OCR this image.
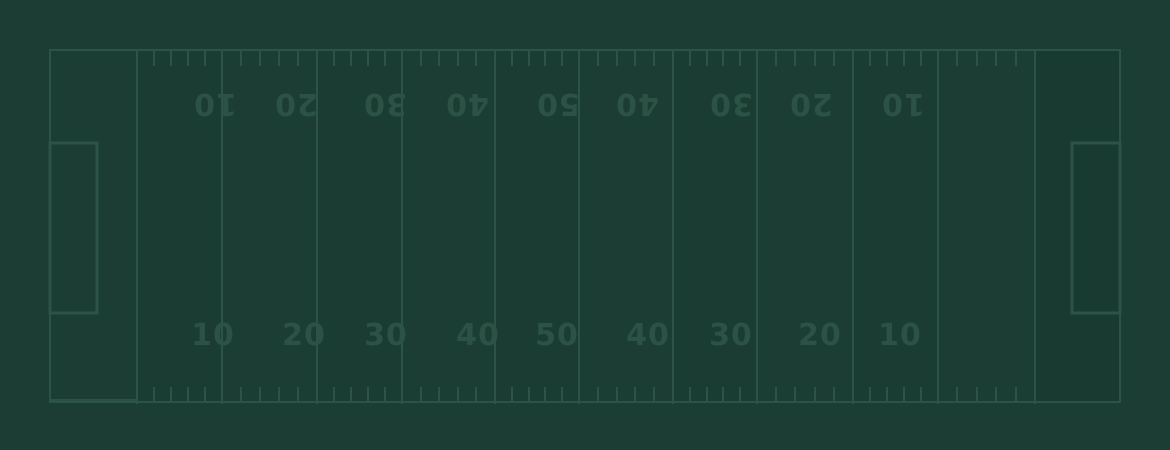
10 20 30 40 50 40 30 20 10
10 20 30 40 50 40 30 20 10
